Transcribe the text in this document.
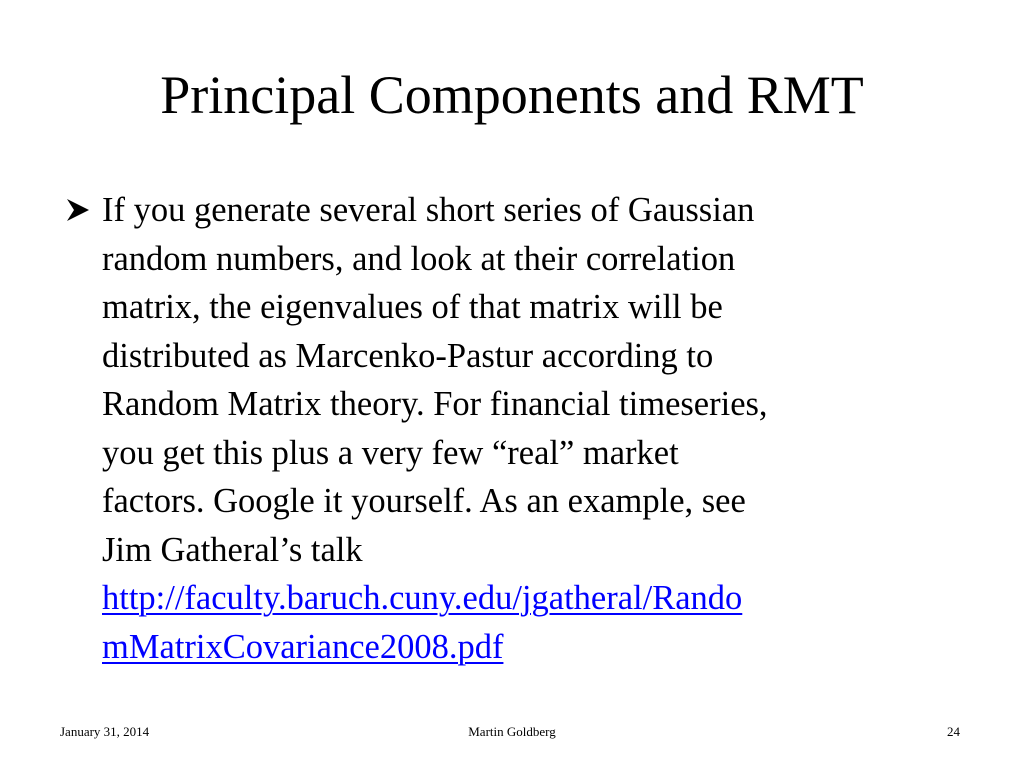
Principal Components and RMT
If you generate several short series of Gaussian
random numbers, and look at their correlation
matrix, the eigenvalues of that matrix will be
distributed as Marcenko-Pastur according to
Random Matrix theory. For financial timeseries,
you get this plus a very few “real” market
factors. Google it yourself. As an example, see
Jim Gatheral’s talk
http://faculty.baruch.cuny.edu/jgatheral/Rando
mMatrixCovariance2008.pdf
Martin Goldberg
January 31, 2014	24
